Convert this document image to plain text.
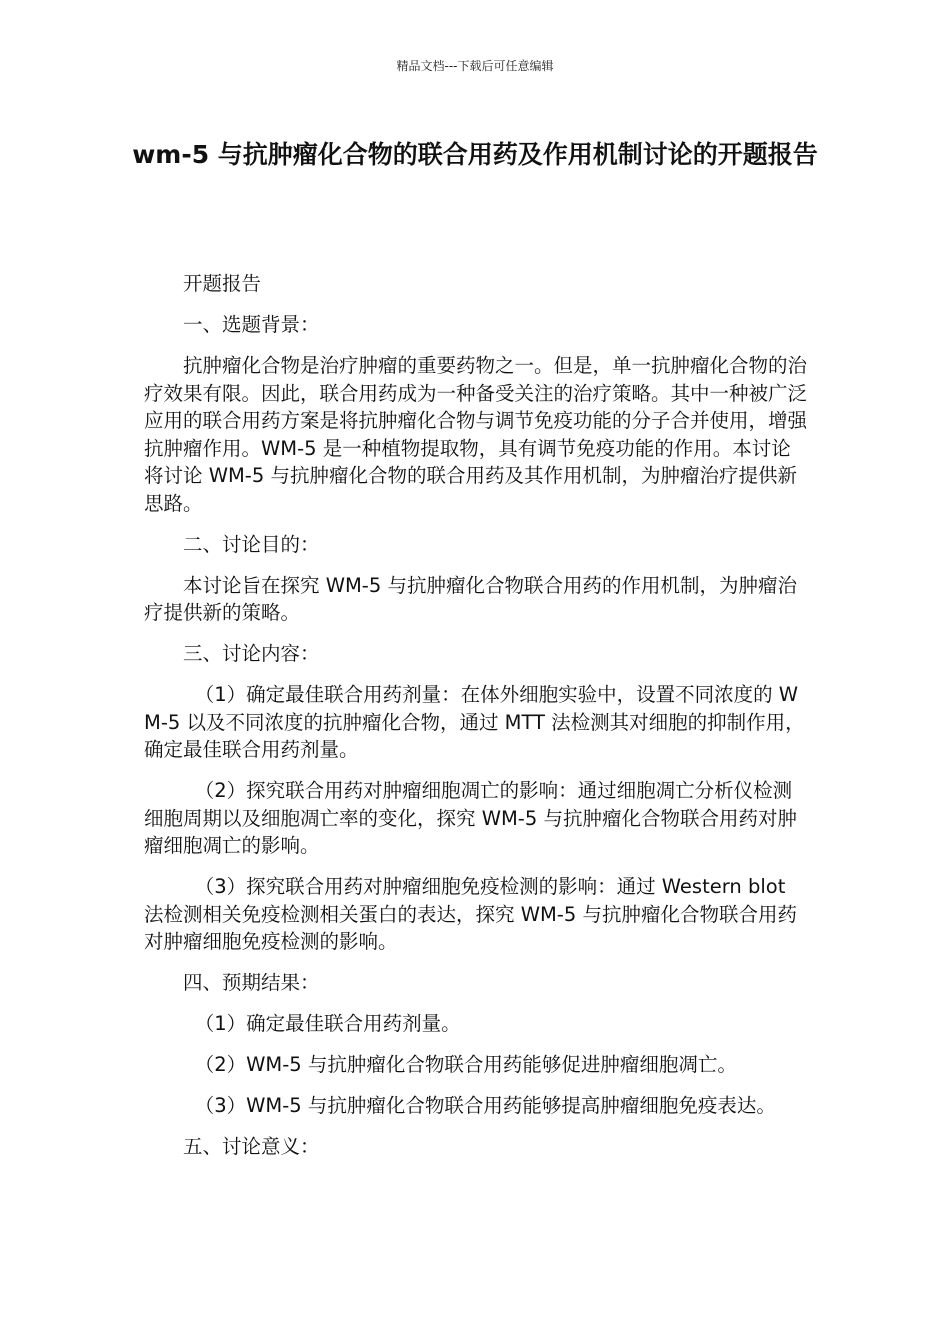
精品文档---下载后可任意编辑
wm-5 与抗肿瘤化合物的联合用药及作用机制讨论的开题报告

开题报告

一、选题背景：

抗肿瘤化合物是治疗肿瘤的重要药物之一。但是，单一抗肿瘤化合物的治疗效果有限。因此，联合用药成为一种备受关注的治疗策略。其中一种被广泛应用的联合用药方案是将抗肿瘤化合物与调节免疫功能的分子合并使用，增强抗肿瘤作用。WM-5 是一种植物提取物，具有调节免疫功能的作用。本讨论将讨论 WM-5 与抗肿瘤化合物的联合用药及其作用机制，为肿瘤治疗提供新思路。

二、讨论目的：

本讨论旨在探究 WM-5 与抗肿瘤化合物联合用药的作用机制，为肿瘤治疗提供新的策略。

三、讨论内容：

（1）确定最佳联合用药剂量：在体外细胞实验中，设置不同浓度的 WM-5 以及不同浓度的抗肿瘤化合物，通过 MTT 法检测其对细胞的抑制作用，确定最佳联合用药剂量。

（2）探究联合用药对肿瘤细胞凋亡的影响：通过细胞凋亡分析仪检测细胞周期以及细胞凋亡率的变化，探究 WM-5 与抗肿瘤化合物联合用药对肿瘤细胞凋亡的影响。

（3）探究联合用药对肿瘤细胞免疫检测的影响：通过 Western blot 法检测相关免疫检测相关蛋白的表达，探究 WM-5 与抗肿瘤化合物联合用药对肿瘤细胞免疫检测的影响。

四、预期结果：

（1）确定最佳联合用药剂量。

（2）WM-5 与抗肿瘤化合物联合用药能够促进肿瘤细胞凋亡。

（3）WM-5 与抗肿瘤化合物联合用药能够提高肿瘤细胞免疫表达。

五、讨论意义：
